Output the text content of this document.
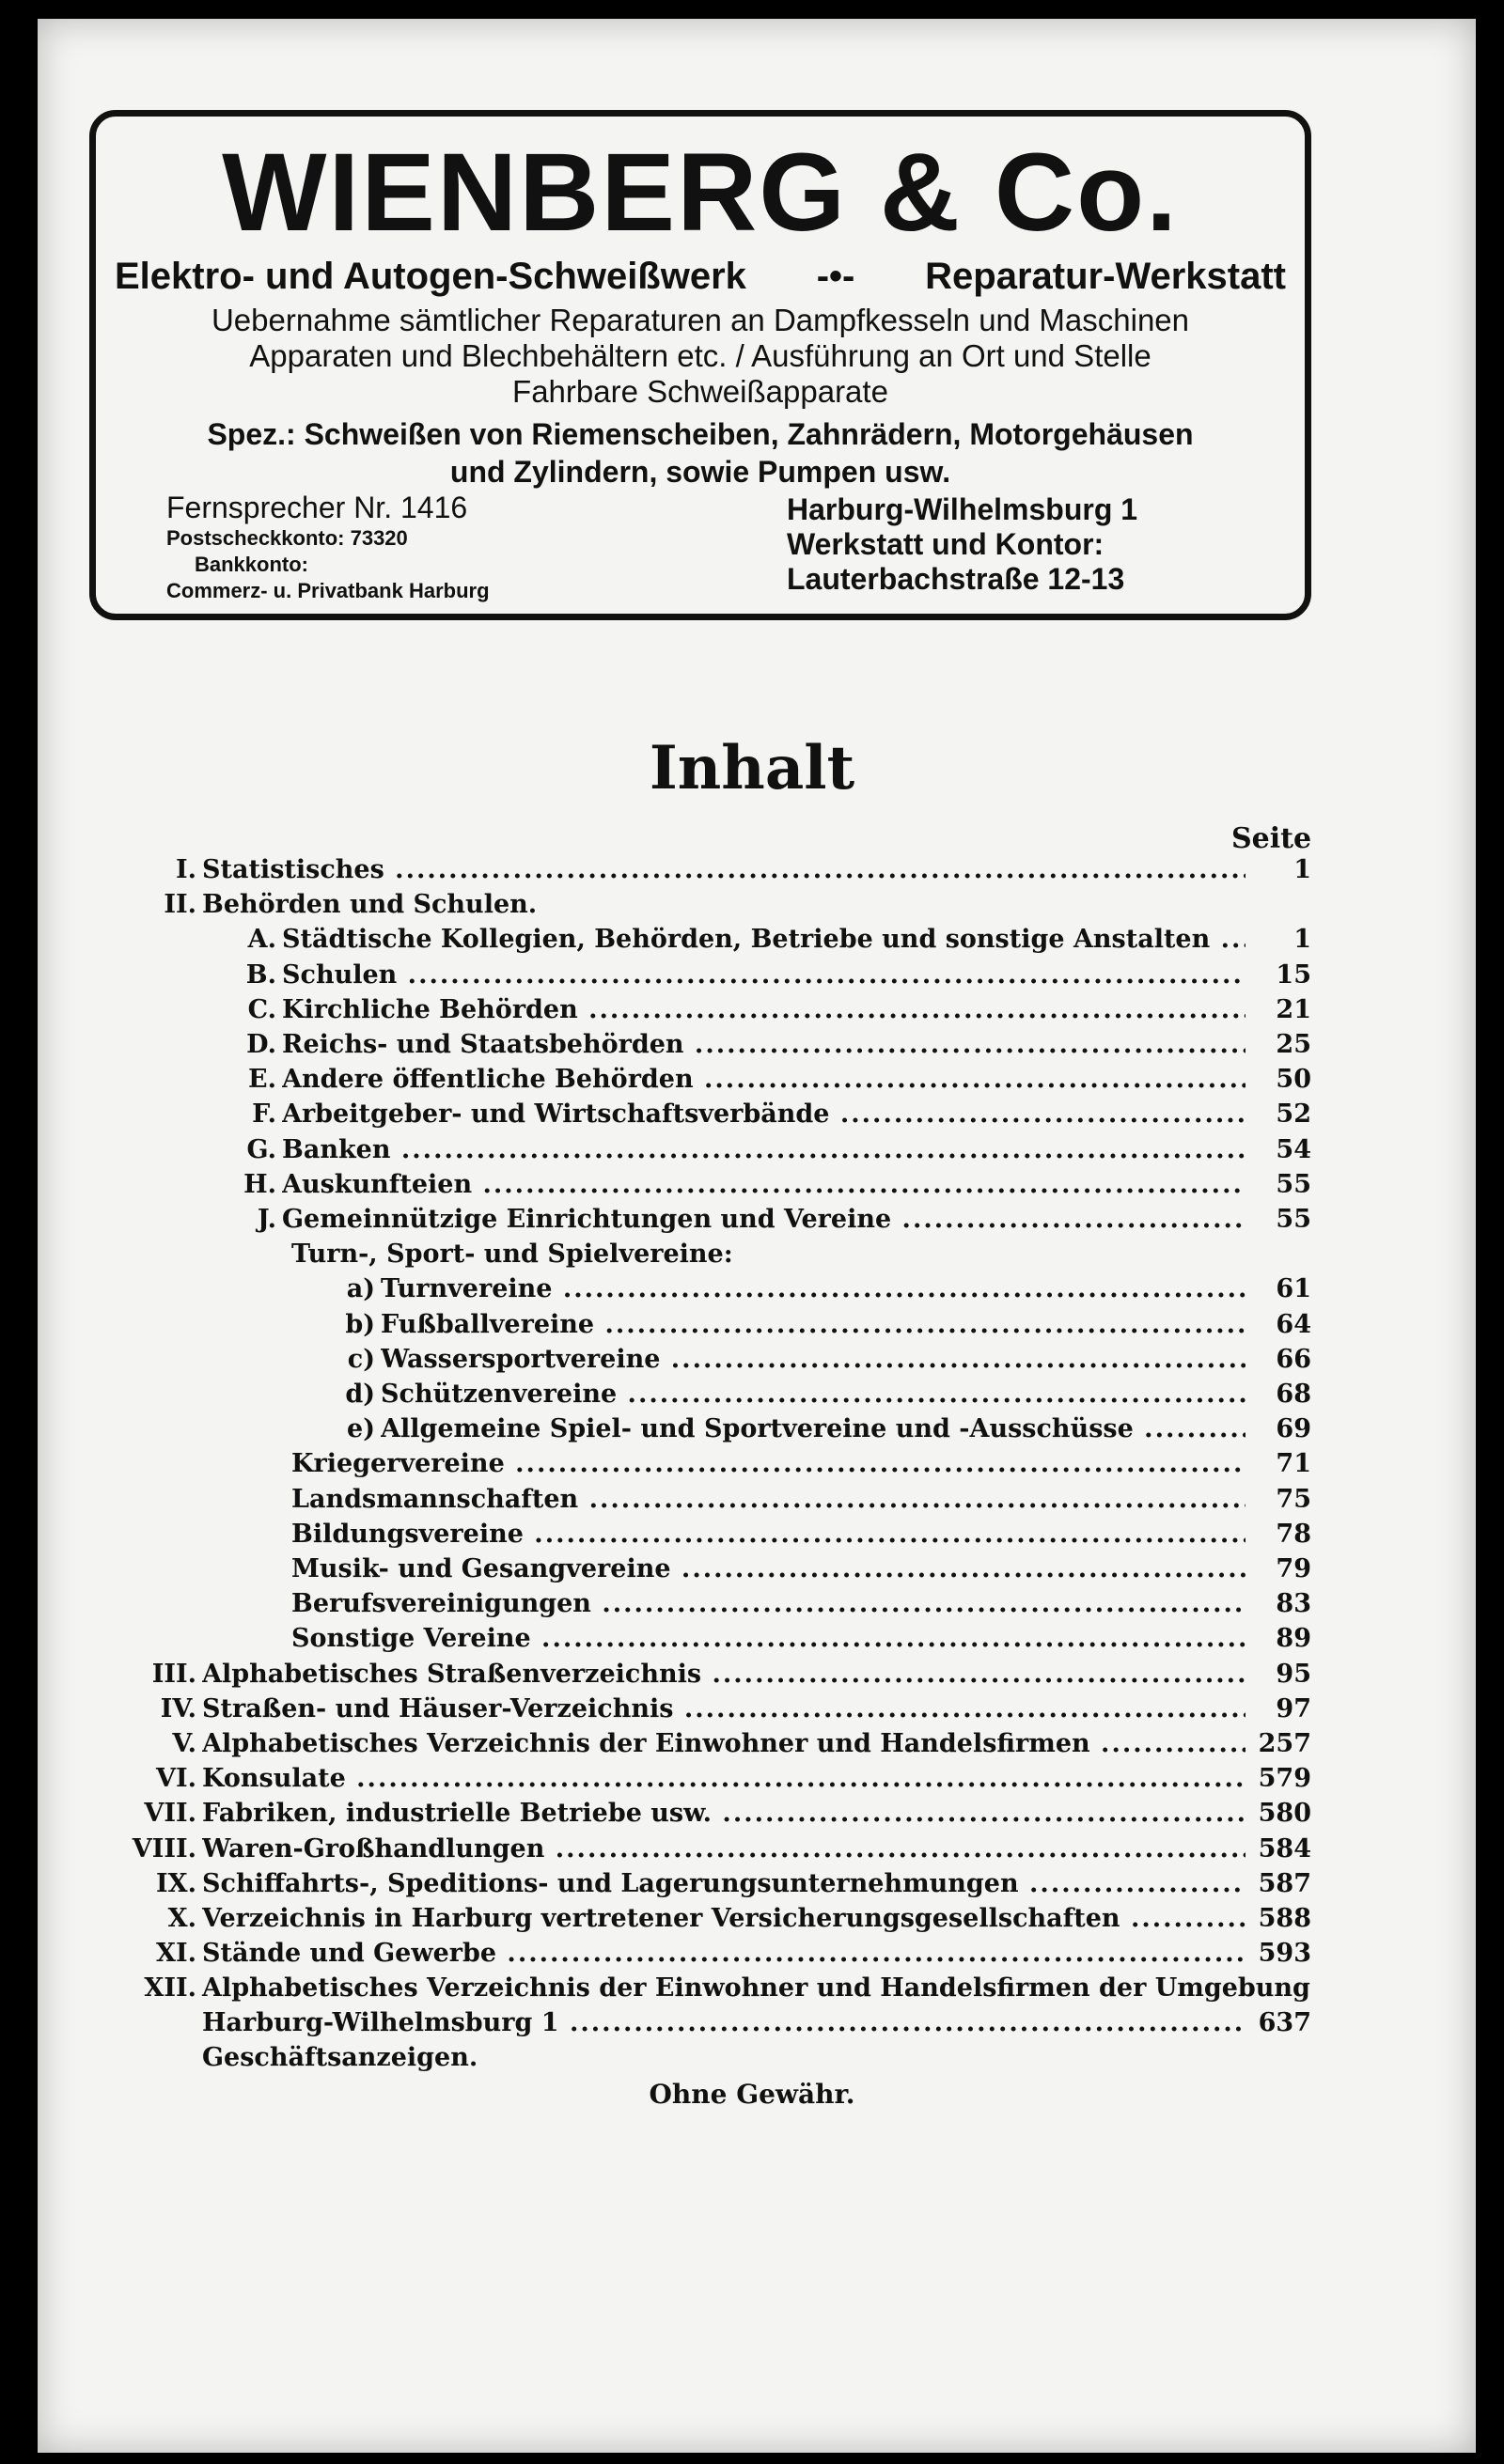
WIENBERG & Co.
Elektro- und Autogen-Schweißwerk -•- Reparatur-Werkstatt
Uebernahme sämtlicher Reparaturen an Dampfkesseln und Maschinen
Apparaten und Blechbehältern etc. / Ausführung an Ort und Stelle
Fahrbare Schweißapparate
Spez.: Schweißen von Riemenscheiben, Zahnrädern, Motorgehäusen
und Zylindern, sowie Pumpen usw.
Fernsprecher Nr. 1416
Postscheckkonto: 73320
Bankkonto:
Commerz- u. Privatbank Harburg
Harburg-Wilhelmsburg 1
Werkstatt und Kontor:
Lauterbachstraße 12-13
Inhalt
Seite
I. Statistisches .....	1
II. Behörden und Schulen.
A. Städtische Kollegien, Behörden, Betriebe und sonstige Anstalten .....	1
B. Schulen .....	15
C. Kirchliche Behörden .....	21
D. Reichs- und Staatsbehörden .....	25
E. Andere öffentliche Behörden .....	50
F. Arbeitgeber- und Wirtschaftsverbände .....	52
G. Banken .....	54
H. Auskunfteien .....	55
J. Gemeinnützige Einrichtungen und Vereine .....	55
Turn-, Sport- und Spielvereine:
a) Turnvereine .....	61
b) Fußballvereine .....	64
c) Wassersportvereine .....	66
d) Schützenvereine .....	68
e) Allgemeine Spiel- und Sportvereine und -Ausschüsse .....	69
Kriegervereine .....	71
Landsmannschaften .....	75
Bildungsvereine .....	78
Musik- und Gesangvereine .....	79
Berufsvereinigungen .....	83
Sonstige Vereine .....	89
III. Alphabetisches Straßenverzeichnis .....	95
IV. Straßen- und Häuser-Verzeichnis .....	97
V. Alphabetisches Verzeichnis der Einwohner und Handelsfirmen .....	257
VI. Konsulate .....	579
VII. Fabriken, industrielle Betriebe usw. .....	580
VIII. Waren-Großhandlungen .....	584
IX. Schiffahrts-, Speditions- und Lagerungsunternehmungen .....	587
X. Verzeichnis in Harburg vertretener Versicherungsgesellschaften .....	588
XI. Stände und Gewerbe .....	593
XII. Alphabetisches Verzeichnis der Einwohner und Handelsfirmen der Umgebung
Harburg-Wilhelmsburg 1 .....	637
Geschäftsanzeigen.
Ohne Gewähr.
